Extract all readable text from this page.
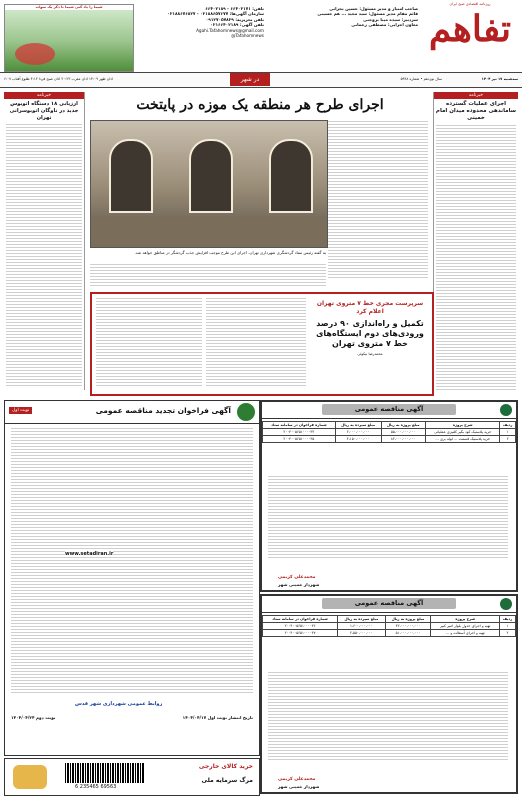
روزنامه اقتصادی صبح ایران
تفاهم
صاحب امتیاز و مدیر مسئول: حسین بحرانی
قائم مقام مدیر مسئول: سید مجید ... هم حسینی
سردبیر: سیده مینا بروجنی
معاون اجرایی: مصطفی رحمانی
تلفن: ۶۶۴۰۲۱۷۱ - ۶۶۴۰۲۱۸۹
سازمان آگهی‌ها: ۰۲۱۸۸۶۵۷۶۷۷ - ۰۲۱۸۸۶۷۶۸۲۷
تلفن تحریریه: ۰۹۱۲۷۰۵۷۸۲۹
تلفن آگهی: ۰۲۱۶۶۴۰۲۱۸۹
Agahi.Tafahomnews@gmail.com
@Tafahomnews
شیما را یاد کنی شیما تا ذکر یک سوات
اذان ظهر ۱۳:۰۹ اذان مغرب ۲۰:۲۳ اذان صبح فردا ۴:۱۴ طلوع آفتاب ۶:۰۷	در شهر	سال نوزدهم • شماره ۵۹۹۸	سه‌شنبه ۱۷ تیر ۱۴۰۴
خبرنامه
اجرای عملیات گسترده ساماندهی محدوده میدان امام خمینی
خبرنامه
ارزیابی ۱۸ دستگاه اتوبوس جدید در ناوگان اتوبوسرانی تهران
اجرای طرح هر منطقه یک موزه در پایتخت
به گفته رئیس ستاد گردشگری شهرداری تهران، اجرای این طرح موجب افزایش جذب گردشگر در مناطق خواهد شد.
سرپرست مجری خط ۷ متروی تهران اعلام کرد
تکمیل و راه‌اندازی ۹۰ درصد ورودی‌های دوم ایستگاه‌های خط ۷ متروی تهران
محمدرضا نیکوئی
آگهی فراخوان تجدید مناقصه عمومی
نوبت اول
www.setadiran.ir
روابط عمومی شهرداری شهر قدس
تاریخ انتشار نوبت اول ۱۴۰۴/۰۴/۱۷
نوبت دوم ۱۴۰۴/۰۴/۲۴
آگهی مناقصه عمومی
ردیف	شرح پروژه	مبلغ پروژه به ریال	مبلغ سپرده به ریال	شماره فراخوان در سامانه ستاد
۱	خرید پلاستیک کود بگیر کلنیزی عملیاتی	۵۵،۰۰۰،۰۰۰،۰۰۰	۲،۰۰۰،۰۰۰،۰۰۰	۲۰۰۴۰۰۵۶۵۱۰۰۰۰۳۴
۲	خرید پلاستیک قسمت ... لوله بری ...	۸۲،۰۰۰،۰۰۰،۰۰۰	۴،۱۵۰،۰۰۰،۰۰۰	۲۰۰۴۰۰۵۶۵۱۰۰۰۰۳۵
محمدعلی کربمی
شهردار خمینی شهر
آگهی مناقصه عمومی
ردیف	شرح پروژه	مبلغ پروژه به ریال	مبلغ سپرده به ریال	شماره فراخوان در سامانه ستاد
۱	تهیه و اجرای جدول بلوار امیر کبیر	۳۲،۰۰۰،۰۰۰،۰۰۰	۱،۶۰۰،۰۰۰،۰۰۰	۲۰۰۴۰۰۵۶۵۱۰۰۰۰۳۶
۲	تهیه و اجرای آسفالت و ...	۵۱،۰۰۰،۰۰۰،۰۰۰	۲،۵۵۰،۰۰۰،۰۰۰	۲۰۰۴۰۰۵۶۵۱۰۰۰۰۳۷
محمدعلی کربمی
شهردار خمینی شهر
خرید کالای خارجی
مرگ سرمایه ملی
6 235465 69563
